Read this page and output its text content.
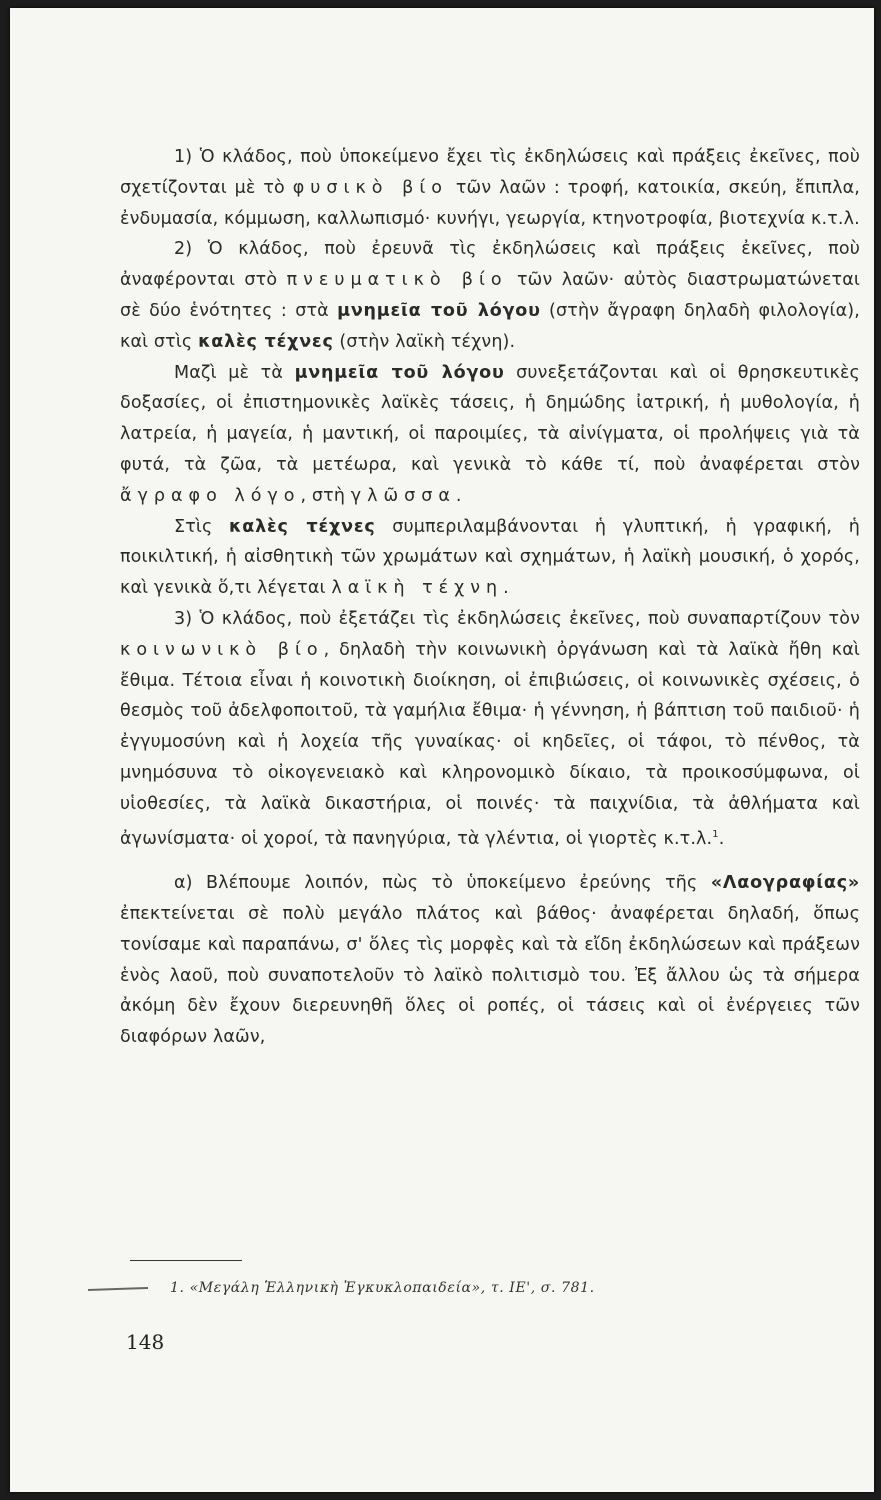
1) Ὁ κλάδος, ποὺ ὑποκείμενο ἔχει τὶς ἐκδηλώσεις καὶ πράξεις ἐκεῖνες, ποὺ σχετίζονται μὲ τὸ φυσικὸ βίο τῶν λαῶν : τροφή, κατοικία, σκεύη, ἔπιπλα, ἐνδυμασία, κόμμωση, καλλωπισμό· κυνήγι, γεωργία, κτηνοτροφία, βιοτεχνία κ.τ.λ.

2) Ὁ κλάδος, ποὺ ἐρευνᾶ τὶς ἐκδηλώσεις καὶ πράξεις ἐκεῖνες, ποὺ ἀναφέρονται στὸ πνευματικὸ βίο τῶν λαῶν· αὐτὸς διαστρωματώνεται σὲ δύο ἑνότητες : στὰ μνημεῖα τοῦ λόγου (στὴν ἄγραφη δηλαδὴ φιλολογία), καὶ στὶς καλὲς τέχνες (στὴν λαϊκὴ τέχνη).

Μαζὶ μὲ τὰ μνημεῖα τοῦ λόγου συνεξετάζονται καὶ οἱ θρησκευτικὲς δοξασίες, οἱ ἐπιστημονικὲς λαϊκὲς τάσεις, ἡ δημώδης ἰατρική, ἡ μυθολογία, ἡ λατρεία, ἡ μαγεία, ἡ μαντική, οἱ παροιμίες, τὰ αἰνίγματα, οἱ προλήψεις γιὰ τὰ φυτά, τὰ ζῶα, τὰ μετέωρα, καὶ γενικὰ τὸ κάθε τί, ποὺ ἀναφέρεται στὸν ἄγραφο λόγο, στὴ γλῶσσα.

Στὶς καλὲς τέχνες συμπεριλαμβάνονται ἡ γλυπτική, ἡ γραφική, ἡ ποικιλτική, ἡ αἰσθητικὴ τῶν χρωμάτων καὶ σχημάτων, ἡ λαϊκὴ μουσική, ὁ χορός, καὶ γενικὰ ὅ,τι λέγεται λαϊκὴ τέχνη.

3) Ὁ κλάδος, ποὺ ἐξετάζει τὶς ἐκδηλώσεις ἐκεῖνες, ποὺ συναπαρτίζουν τὸν κοινωνικὸ βίο, δηλαδὴ τὴν κοινωνικὴ ὀργάνωση καὶ τὰ λαϊκὰ ἤθη καὶ ἔθιμα. Τέτοια εἶναι ἡ κοινοτικὴ διοίκηση, οἱ ἐπιβιώσεις, οἱ κοινωνικὲς σχέσεις, ὁ θεσμὸς τοῦ ἀδελφοποιτοῦ, τὰ γαμήλια ἔθιμα· ἡ γέννηση, ἡ βάπτιση τοῦ παιδιοῦ· ἡ ἐγγυμοσύνη καὶ ἡ λοχεία τῆς γυναίκας· οἱ κηδεῖες, οἱ τάφοι, τὸ πένθος, τὰ μνημόσυνα τὸ οἰκογενειακὸ καὶ κληρονομικὸ δίκαιο, τὰ προικοσύμφωνα, οἱ υἱοθεσίες, τὰ λαϊκὰ δικαστήρια, οἱ ποινές· τὰ παιχνίδια, τὰ ἀθλήματα καὶ ἀγωνίσματα· οἱ χοροί, τὰ πανηγύρια, τὰ γλέντια, οἱ γιορτὲς κ.τ.λ.$^1$.

α) Βλέπουμε λοιπόν, πὼς τὸ ὑποκείμενο ἐρεύνης τῆς «Λαογραφίας» ἐπεκτείνεται σὲ πολὺ μεγάλο πλάτος καὶ βάθος· ἀναφέρεται δηλαδή, ὅπως τονίσαμε καὶ παραπάνω, σ' ὅλες τὶς μορφὲς καὶ τὰ εἴδη ἐκδηλώσεων καὶ πράξεων ἑνὸς λαοῦ, ποὺ συναποτελοῦν τὸ λαϊκὸ πολιτισμὸ του. Ἐξ ἄλλου ὡς τὰ σήμερα ἀκόμη δὲν ἔχουν διερευνηθῆ ὅλες οἱ ροπές, οἱ τάσεις καὶ οἱ ἐνέργειες τῶν διαφόρων λαῶν,

1. «Μεγάλη Ἑλληνικὴ Ἐγκυκλοπαιδεία», τ. ΙΕ', σ. 781.
148
